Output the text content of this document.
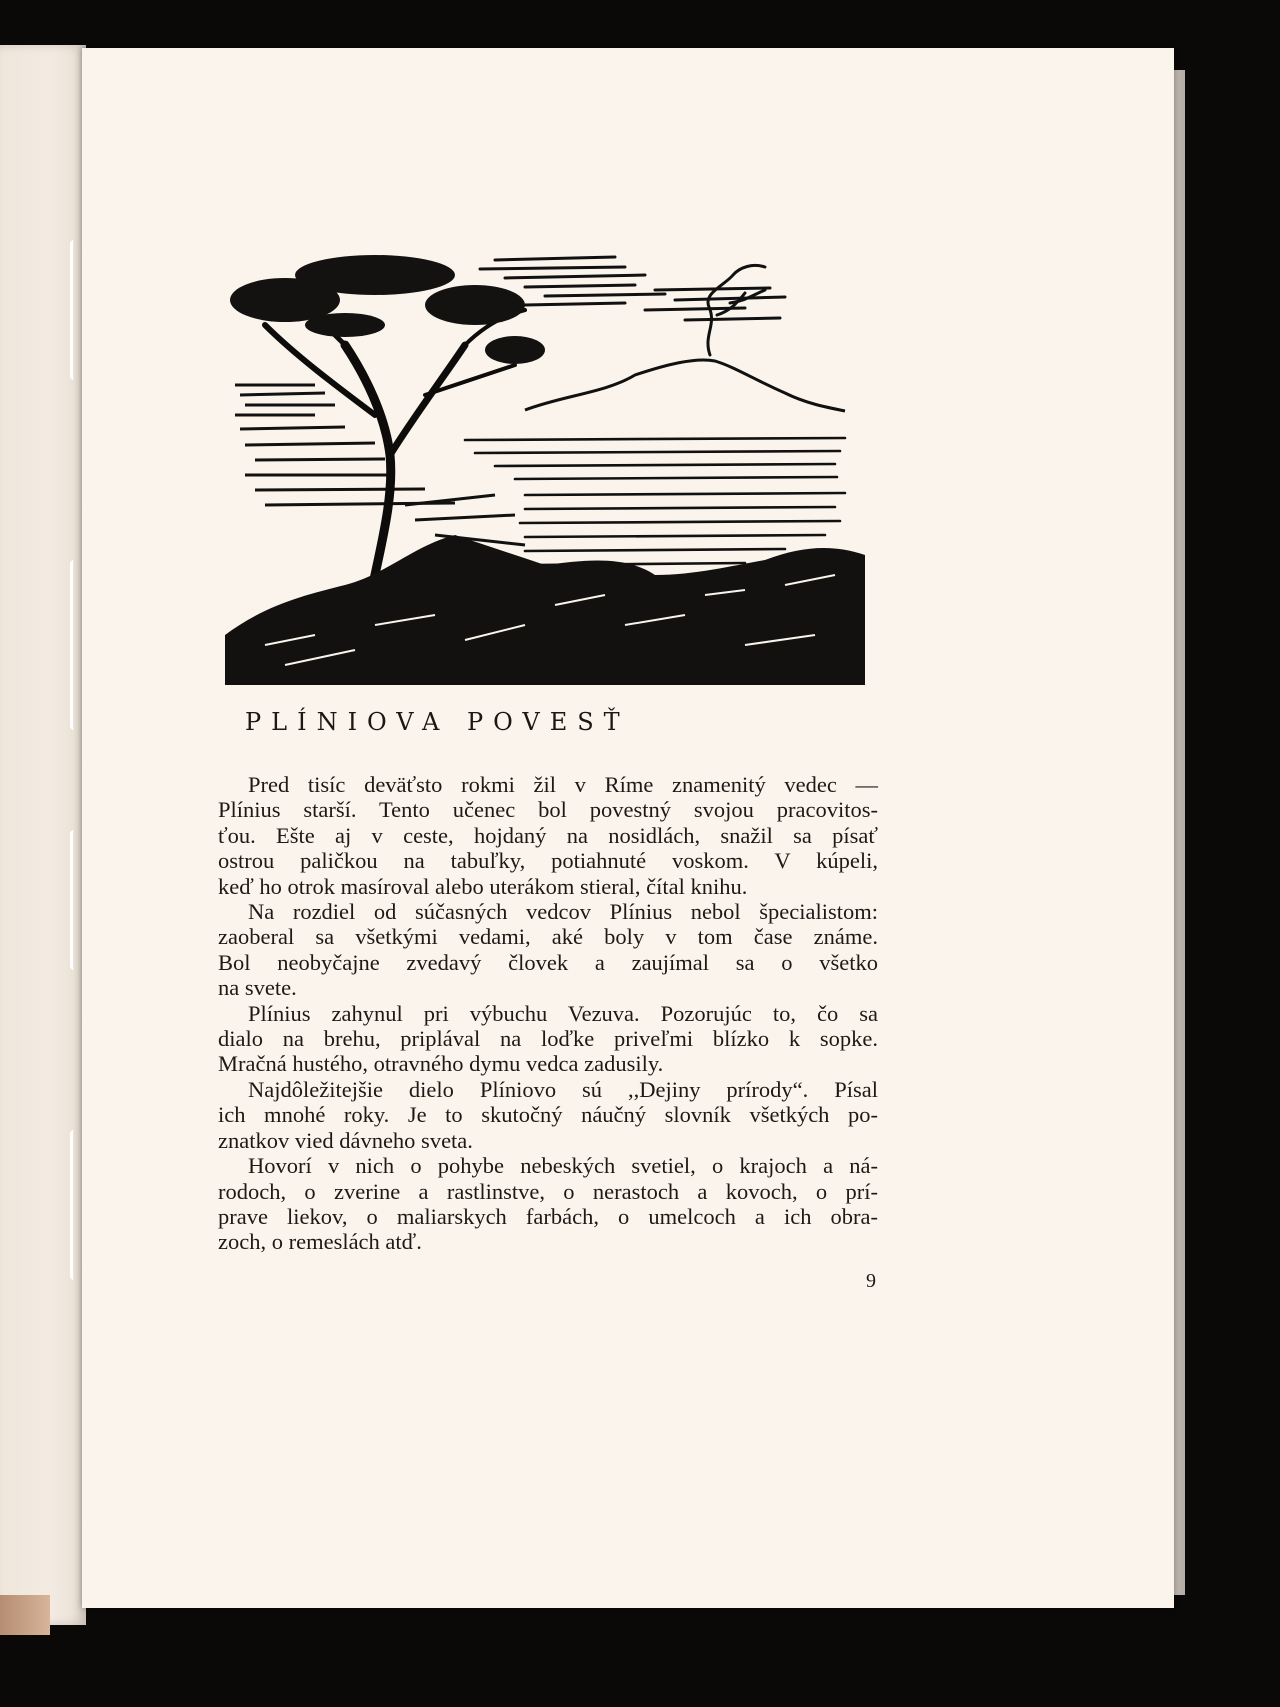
PLÍNIOVA POVESŤ
Pred tisíc deväťsto rokmi žil v Ríme znamenitý vedec —
Plínius starší. Tento učenec bol povestný svojou pracovitos-
ťou. Ešte aj v ceste, hojdaný na nosidlách, snažil sa písať
ostrou paličkou na tabuľky, potiahnuté voskom. V kúpeli,
keď ho otrok masíroval alebo uterákom stieral, čítal knihu.
Na rozdiel od súčasných vedcov Plínius nebol špecialistom:
zaoberal sa všetkými vedami, aké boly v tom čase známe.
Bol neobyčajne zvedavý človek a zaujímal sa o všetko
na svete.
Plínius zahynul pri výbuchu Vezuva. Pozorujúc to, čo sa
dialo na brehu, priplával na loďke priveľmi blízko k sopke.
Mračná hustého, otravného dymu vedca zadusily.
Najdôležitejšie dielo Plíniovo sú ,,Dejiny prírody“. Písal
ich mnohé roky. Je to skutočný náučný slovník všetkých po-
znatkov vied dávneho sveta.
Hovorí v nich o pohybe nebeských svetiel, o krajoch a ná-
rodoch, o zverine a rastlinstve, o nerastoch a kovoch, o prí-
prave liekov, o maliarskych farbách, o umelcoch a ich obra-
zoch, o remeslách atď.
9
